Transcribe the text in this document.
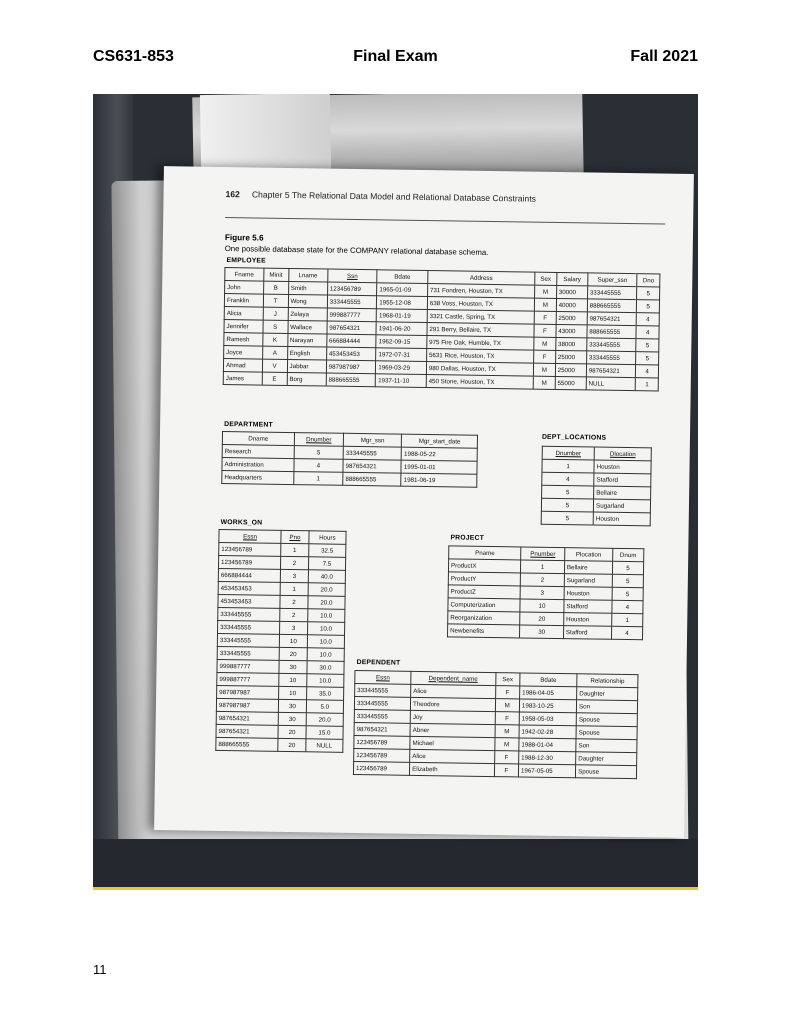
Final Exam
CS631-853	Fall 2021
162 Chapter 5 The Relational Data Model and Relational Database Constraints
Figure 5.6
One possible database state for the COMPANY relational database schema.
EMPLOYEE
Fname	Minit	Lname	Ssn	Bdate	Address	Sex	Salary	Super_ssn	Dno
John	B	Smith	123456789	1965-01-09	731 Fondren, Houston, TX	M	30000	333445555	5
Franklin	T	Wong	333445555	1955-12-08	638 Voss, Houston, TX	M	40000	888665555	5
Alicia	J	Zelaya	999887777	1968-01-19	3321 Castle, Spring, TX	F	25000	987654321	4
Jennifer	S	Wallace	987654321	1941-06-20	291 Berry, Bellaire, TX	F	43000	888665555	4
Ramesh	K	Narayan	666884444	1962-09-15	975 Fire Oak, Humble, TX	M	38000	333445555	5
Joyce	A	English	453453453	1972-07-31	5631 Rice, Houston, TX	F	25000	333445555	5
Ahmad	V	Jabbar	987987987	1969-03-29	980 Dallas, Houston, TX	M	25000	987654321	4
James	E	Borg	888665555	1937-11-10	450 Stone, Houston, TX	M	55000	NULL	1
DEPARTMENT
Dname	Dnumber	Mgr_ssn	Mgr_start_date
Research	5	333445555	1988-05-22
Administration	4	987654321	1995-01-01
Headquarters	1	888665555	1981-06-19
DEPT_LOCATIONS
Dnumber	Dlocation
1	Houston
4	Stafford
5	Bellaire
5	Sugarland
5	Houston
WORKS_ON
Essn	Pno	Hours
123456789	1	32.5
123456789	2	7.5
666884444	3	40.0
453453453	1	20.0
453453453	2	20.0
333445555	2	10.0
333445555	3	10.0
333445555	10	10.0
333445555	20	10.0
999887777	30	30.0
999887777	10	10.0
987987987	10	35.0
987987987	30	5.0
987654321	30	20.0
987654321	20	15.0
888665555	20	NULL
PROJECT
Pname	Pnumber	Plocation	Dnum
ProductX	1	Bellaire	5
ProductY	2	Sugarland	5
ProductZ	3	Houston	5
Computerization	10	Stafford	4
Reorganization	20	Houston	1
Newbenefits	30	Stafford	4
DEPENDENT
Essn	Dependent_name	Sex	Bdate	Relationship
333445555	Alice	F	1986-04-05	Daughter
333445555	Theodore	M	1983-10-25	Son
333445555	Joy	F	1958-05-03	Spouse
987654321	Abner	M	1942-02-28	Spouse
123456789	Michael	M	1988-01-04	Son
123456789	Alice	F	1988-12-30	Daughter
123456789	Elizabeth	F	1967-05-05	Spouse
11
